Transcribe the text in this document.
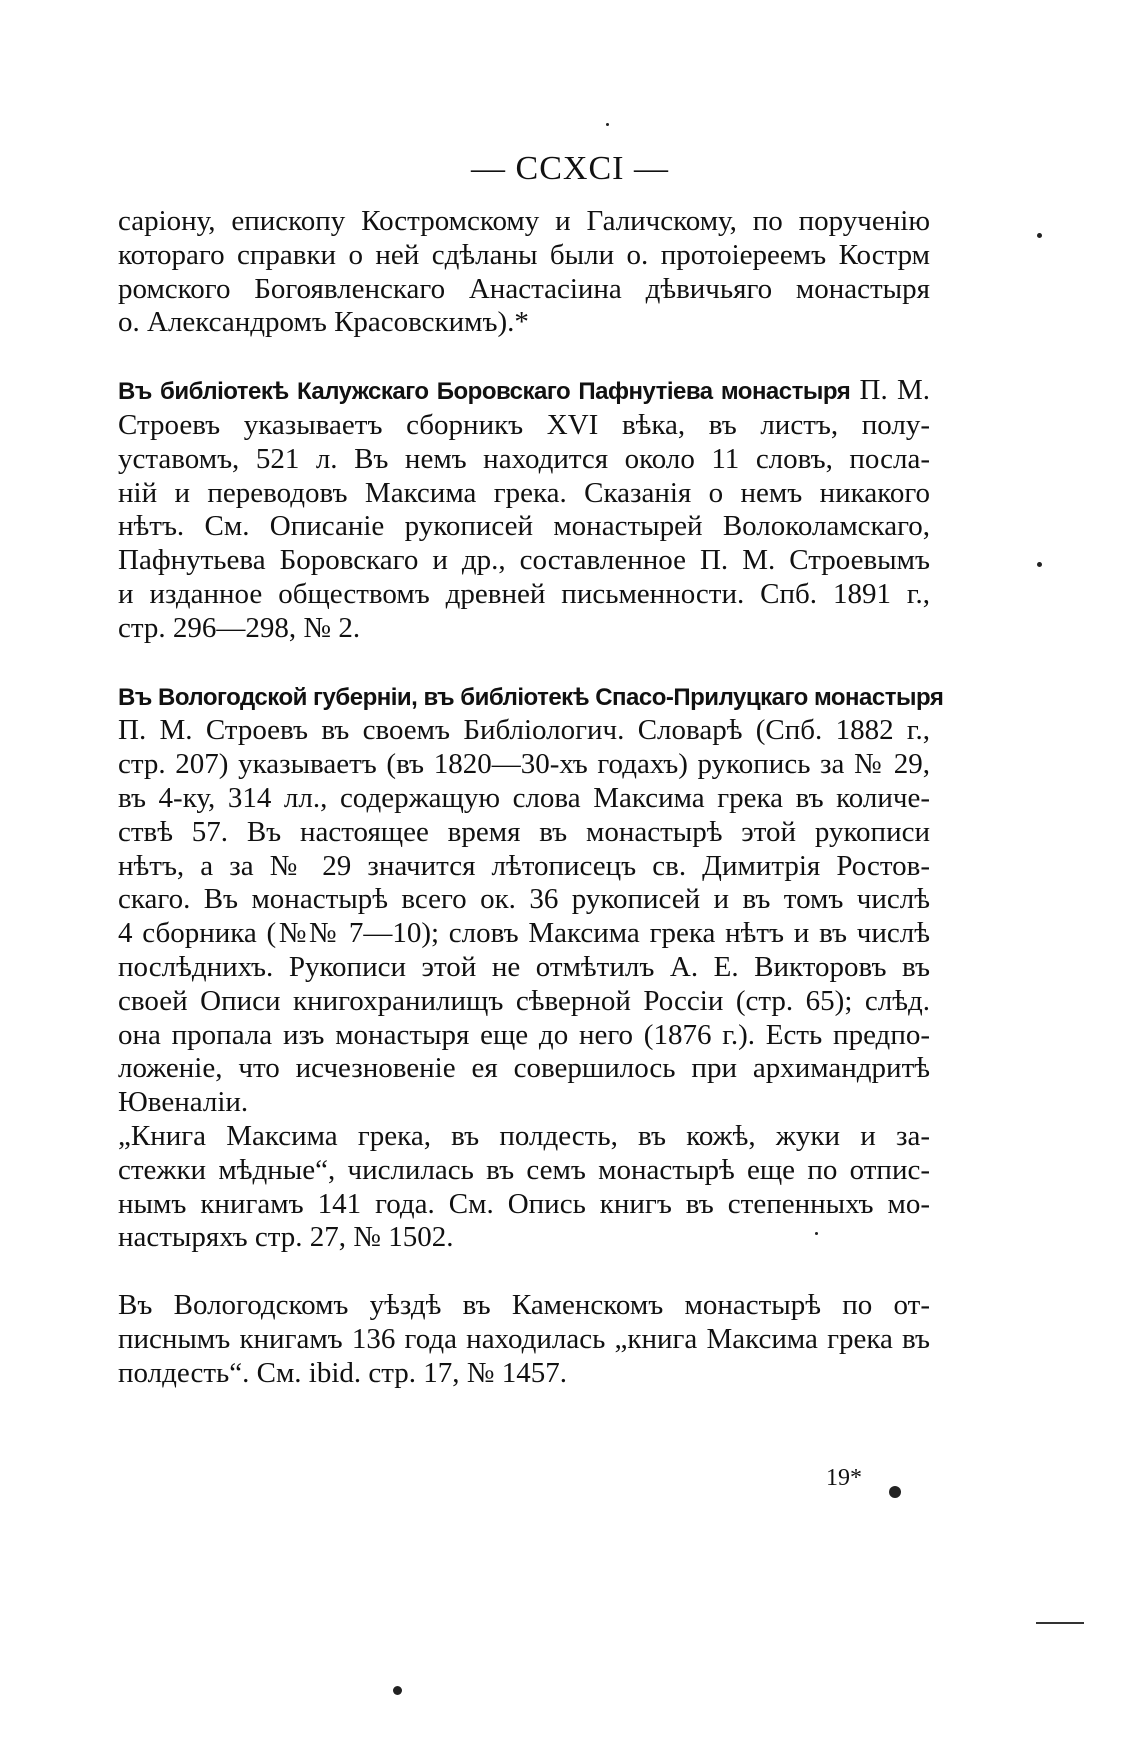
— CCXCI —
саріону, епископу Костромскому и Галичскому, по порученію
котораго справки о ней сдѣланы были о. протоіереемъ Кострм
ромского Богоявленскаго Анастасіина дѣвичьяго монастыря
о. Александромъ Красовскимъ).*
Въ библіотекѣ Калужскаго Боровскаго Пафнутіева монастыря П. М.
Строевъ указываетъ сборникъ XVI вѣка, въ листъ, полу-
уставомъ, 521 л. Въ немъ находится около 11 словъ, посла-
ній и переводовъ Максима грека. Сказанія о немъ никакого
нѣтъ. См. Описаніе рукописей монастырей Волоколамскаго,
Пафнутьева Боровскаго и др., составленное П. М. Строевымъ
и изданное обществомъ древней письменности. Спб. 1891 г.,
стр. 296—298, № 2.
Въ Вологодской губерніи, въ библіотекѣ Спасо-Прилуцкаго монастыря
П. М. Строевъ въ своемъ Библіологич. Словарѣ (Спб. 1882 г.,
стр. 207) указываетъ (въ 1820—30-хъ годахъ) рукопись за № 29,
въ 4-ку, 314 лл., содержащую слова Максима грека въ количе-
ствѣ 57. Въ настоящее время въ монастырѣ этой рукописи
нѣтъ, а за № 29 значится лѣтописецъ св. Димитрія Ростов-
скаго. Въ монастырѣ всего ок. 36 рукописей и въ томъ числѣ
4 сборника (№№ 7—10); словъ Максима грека нѣтъ и въ числѣ
послѣднихъ. Рукописи этой не отмѣтилъ А. Е. Викторовъ въ
своей Описи книгохранилищъ сѣверной Россіи (стр. 65); слѣд.
она пропала изъ монастыря еще до него (1876 г.). Есть предпо-
ложеніе, что исчезновеніе ея совершилось при архимандритѣ
Ювеналіи.
„Книга Максима грека, въ полдесть, въ кожѣ, жуки и за-
стежки мѣдные“, числилась въ семъ монастырѣ еще по отпис-
нымъ книгамъ 141 года. См. Опись книгъ въ степенныхъ мо-
настыряхъ стр. 27, № 1502.
Въ Вологодскомъ уѣздѣ въ Каменскомъ монастырѣ по от-
писнымъ книгамъ 136 года находилась „книга Максима грека въ
полдесть“. См. ibid. стр. 17, № 1457.
19*
